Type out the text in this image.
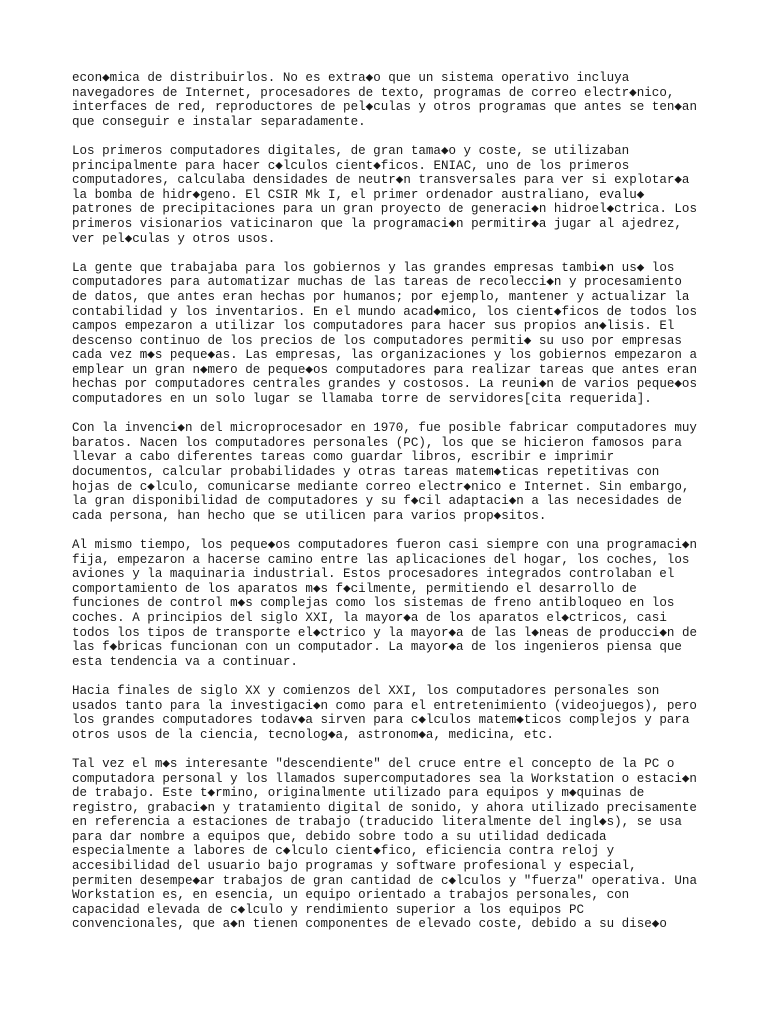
econ◆mica de distribuirlos. No es extra◆o que un sistema operativo incluya
navegadores de Internet, procesadores de texto, programas de correo electr◆nico,
interfaces de red, reproductores de pel◆culas y otros programas que antes se ten◆an
que conseguir e instalar separadamente.
Los primeros computadores digitales, de gran tama◆o y coste, se utilizaban
principalmente para hacer c◆lculos cient◆ficos. ENIAC, uno de los primeros
computadores, calculaba densidades de neutr◆n transversales para ver si explotar◆a
la bomba de hidr◆geno. El CSIR Mk I, el primer ordenador australiano, evalu◆
patrones de precipitaciones para un gran proyecto de generaci◆n hidroel◆ctrica. Los
primeros visionarios vaticinaron que la programaci◆n permitir◆a jugar al ajedrez,
ver pel◆culas y otros usos.
La gente que trabajaba para los gobiernos y las grandes empresas tambi◆n us◆ los
computadores para automatizar muchas de las tareas de recolecci◆n y procesamiento
de datos, que antes eran hechas por humanos; por ejemplo, mantener y actualizar la
contabilidad y los inventarios. En el mundo acad◆mico, los cient◆ficos de todos los
campos empezaron a utilizar los computadores para hacer sus propios an◆lisis. El
descenso continuo de los precios de los computadores permiti◆ su uso por empresas
cada vez m◆s peque◆as. Las empresas, las organizaciones y los gobiernos empezaron a
emplear un gran n◆mero de peque◆os computadores para realizar tareas que antes eran
hechas por computadores centrales grandes y costosos. La reuni◆n de varios peque◆os
computadores en un solo lugar se llamaba torre de servidores[cita requerida].
Con la invenci◆n del microprocesador en 1970, fue posible fabricar computadores muy
baratos. Nacen los computadores personales (PC), los que se hicieron famosos para
llevar a cabo diferentes tareas como guardar libros, escribir e imprimir
documentos, calcular probabilidades y otras tareas matem◆ticas repetitivas con
hojas de c◆lculo, comunicarse mediante correo electr◆nico e Internet. Sin embargo,
la gran disponibilidad de computadores y su f◆cil adaptaci◆n a las necesidades de
cada persona, han hecho que se utilicen para varios prop◆sitos.
Al mismo tiempo, los peque◆os computadores fueron casi siempre con una programaci◆n
fija, empezaron a hacerse camino entre las aplicaciones del hogar, los coches, los
aviones y la maquinaria industrial. Estos procesadores integrados controlaban el
comportamiento de los aparatos m◆s f◆cilmente, permitiendo el desarrollo de
funciones de control m◆s complejas como los sistemas de freno antibloqueo en los
coches. A principios del siglo XXI, la mayor◆a de los aparatos el◆ctricos, casi
todos los tipos de transporte el◆ctrico y la mayor◆a de las l◆neas de producci◆n de
las f◆bricas funcionan con un computador. La mayor◆a de los ingenieros piensa que
esta tendencia va a continuar.
Hacia finales de siglo XX y comienzos del XXI, los computadores personales son
usados tanto para la investigaci◆n como para el entretenimiento (videojuegos), pero
los grandes computadores todav◆a sirven para c◆lculos matem◆ticos complejos y para
otros usos de la ciencia, tecnolog◆a, astronom◆a, medicina, etc.
Tal vez el m◆s interesante "descendiente" del cruce entre el concepto de la PC o
computadora personal y los llamados supercomputadores sea la Workstation o estaci◆n
de trabajo. Este t◆rmino, originalmente utilizado para equipos y m◆quinas de
registro, grabaci◆n y tratamiento digital de sonido, y ahora utilizado precisamente
en referencia a estaciones de trabajo (traducido literalmente del ingl◆s), se usa
para dar nombre a equipos que, debido sobre todo a su utilidad dedicada
especialmente a labores de c◆lculo cient◆fico, eficiencia contra reloj y
accesibilidad del usuario bajo programas y software profesional y especial,
permiten desempe◆ar trabajos de gran cantidad de c◆lculos y "fuerza" operativa. Una
Workstation es, en esencia, un equipo orientado a trabajos personales, con
capacidad elevada de c◆lculo y rendimiento superior a los equipos PC
convencionales, que a◆n tienen componentes de elevado coste, debido a su dise◆o
